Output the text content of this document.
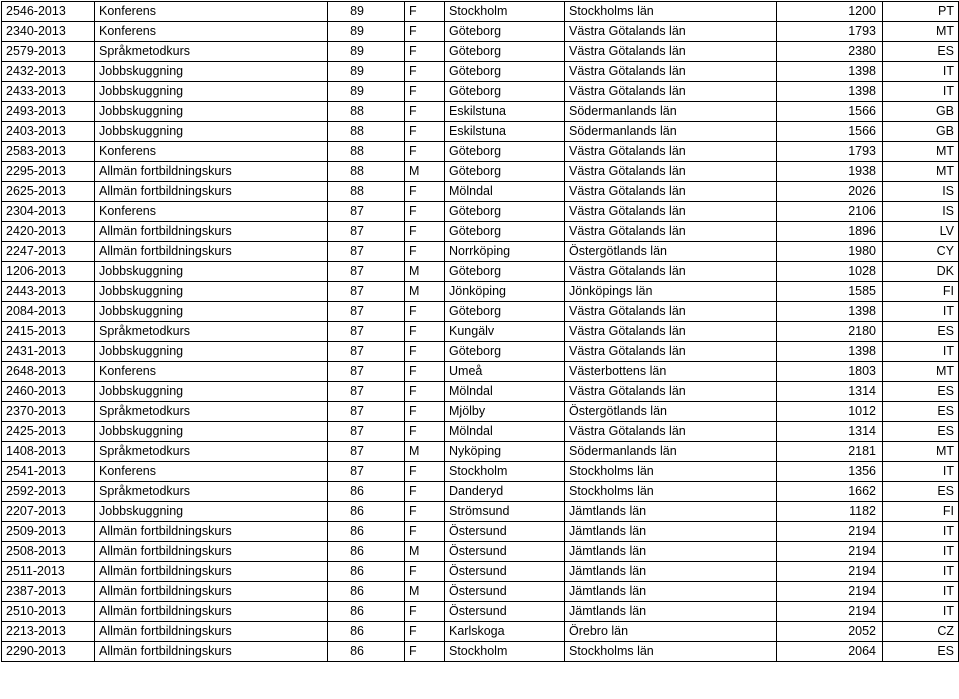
2546-2013	Konferens	89	F	Stockholm	Stockholms län	1200	PT
2340-2013	Konferens	89	F	Göteborg	Västra Götalands län	1793	MT
2579-2013	Språkmetodkurs	89	F	Göteborg	Västra Götalands län	2380	ES
2432-2013	Jobbskuggning	89	F	Göteborg	Västra Götalands län	1398	IT
2433-2013	Jobbskuggning	89	F	Göteborg	Västra Götalands län	1398	IT
2493-2013	Jobbskuggning	88	F	Eskilstuna	Södermanlands län	1566	GB
2403-2013	Jobbskuggning	88	F	Eskilstuna	Södermanlands län	1566	GB
2583-2013	Konferens	88	F	Göteborg	Västra Götalands län	1793	MT
2295-2013	Allmän fortbildningskurs	88	M	Göteborg	Västra Götalands län	1938	MT
2625-2013	Allmän fortbildningskurs	88	F	Mölndal	Västra Götalands län	2026	IS
2304-2013	Konferens	87	F	Göteborg	Västra Götalands län	2106	IS
2420-2013	Allmän fortbildningskurs	87	F	Göteborg	Västra Götalands län	1896	LV
2247-2013	Allmän fortbildningskurs	87	F	Norrköping	Östergötlands län	1980	CY
1206-2013	Jobbskuggning	87	M	Göteborg	Västra Götalands län	1028	DK
2443-2013	Jobbskuggning	87	M	Jönköping	Jönköpings län	1585	FI
2084-2013	Jobbskuggning	87	F	Göteborg	Västra Götalands län	1398	IT
2415-2013	Språkmetodkurs	87	F	Kungälv	Västra Götalands län	2180	ES
2431-2013	Jobbskuggning	87	F	Göteborg	Västra Götalands län	1398	IT
2648-2013	Konferens	87	F	Umeå	Västerbottens län	1803	MT
2460-2013	Jobbskuggning	87	F	Mölndal	Västra Götalands län	1314	ES
2370-2013	Språkmetodkurs	87	F	Mjölby	Östergötlands län	1012	ES
2425-2013	Jobbskuggning	87	F	Mölndal	Västra Götalands län	1314	ES
1408-2013	Språkmetodkurs	87	M	Nyköping	Södermanlands län	2181	MT
2541-2013	Konferens	87	F	Stockholm	Stockholms län	1356	IT
2592-2013	Språkmetodkurs	86	F	Danderyd	Stockholms län	1662	ES
2207-2013	Jobbskuggning	86	F	Strömsund	Jämtlands län	1182	FI
2509-2013	Allmän fortbildningskurs	86	F	Östersund	Jämtlands län	2194	IT
2508-2013	Allmän fortbildningskurs	86	M	Östersund	Jämtlands län	2194	IT
2511-2013	Allmän fortbildningskurs	86	F	Östersund	Jämtlands län	2194	IT
2387-2013	Allmän fortbildningskurs	86	M	Östersund	Jämtlands län	2194	IT
2510-2013	Allmän fortbildningskurs	86	F	Östersund	Jämtlands län	2194	IT
2213-2013	Allmän fortbildningskurs	86	F	Karlskoga	Örebro län	2052	CZ
2290-2013	Allmän fortbildningskurs	86	F	Stockholm	Stockholms län	2064	ES
